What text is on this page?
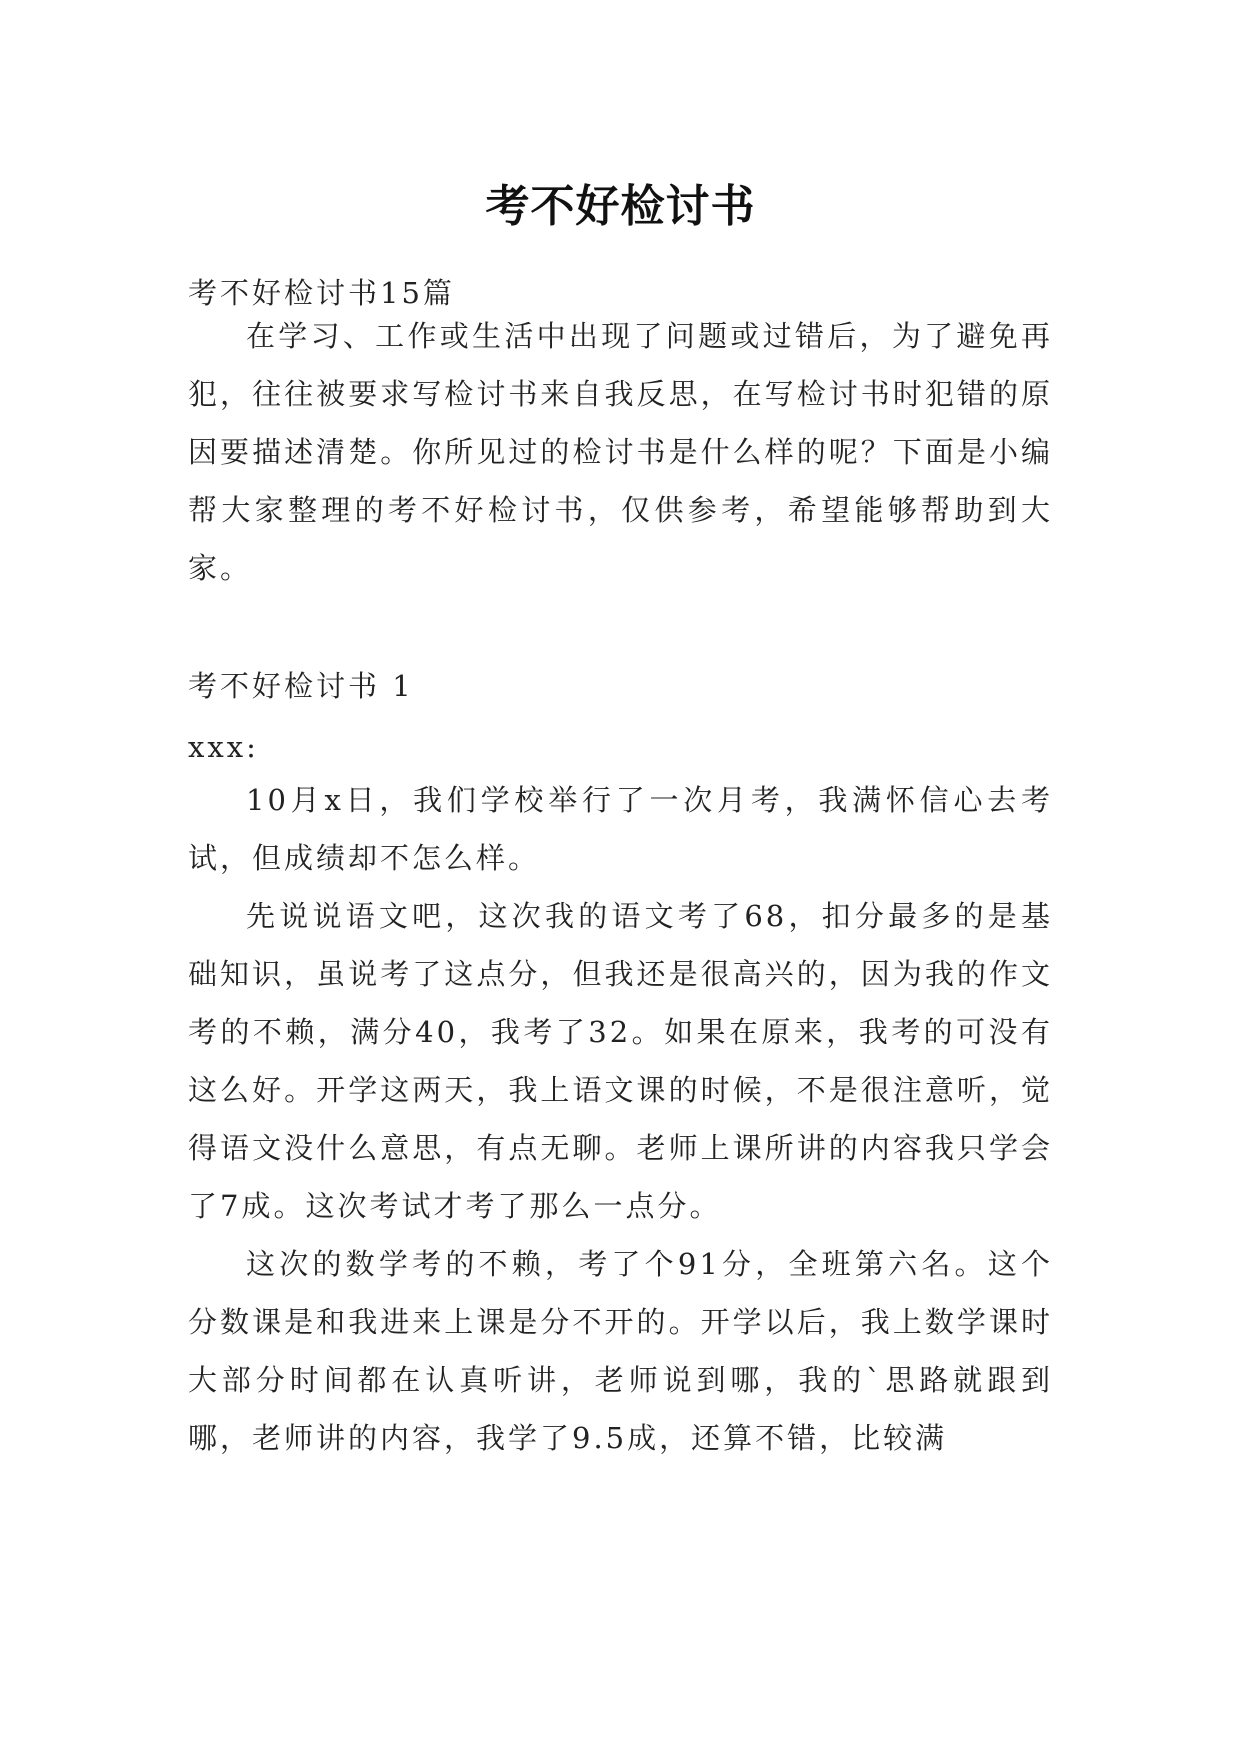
考不好检讨书

考不好检讨书15篇

在学习、工作或生活中出现了问题或过错后，为了避免再犯，往往被要求写检讨书来自我反思，在写检讨书时犯错的原因要描述清楚。你所见过的检讨书是什么样的呢？下面是小编帮大家整理的考不好检讨书，仅供参考，希望能够帮助到大家。

考不好检讨书 1

xxx:

10月x日，我们学校举行了一次月考，我满怀信心去考试，但成绩却不怎么样。

先说说语文吧，这次我的语文考了68，扣分最多的是基础知识，虽说考了这点分，但我还是很高兴的，因为我的作文考的不赖，满分40，我考了32。如果在原来，我考的可没有这么好。开学这两天，我上语文课的时候，不是很注意听，觉得语文没什么意思，有点无聊。老师上课所讲的内容我只学会了7成。这次考试才考了那么一点分。

这次的数学考的不赖，考了个91分，全班第六名。这个分数课是和我进来上课是分不开的。开学以后，我上数学课时大部分时间都在认真听讲，老师说到哪，我的`思路就跟到哪，老师讲的内容，我学了9.5成，还算不错，比较满
